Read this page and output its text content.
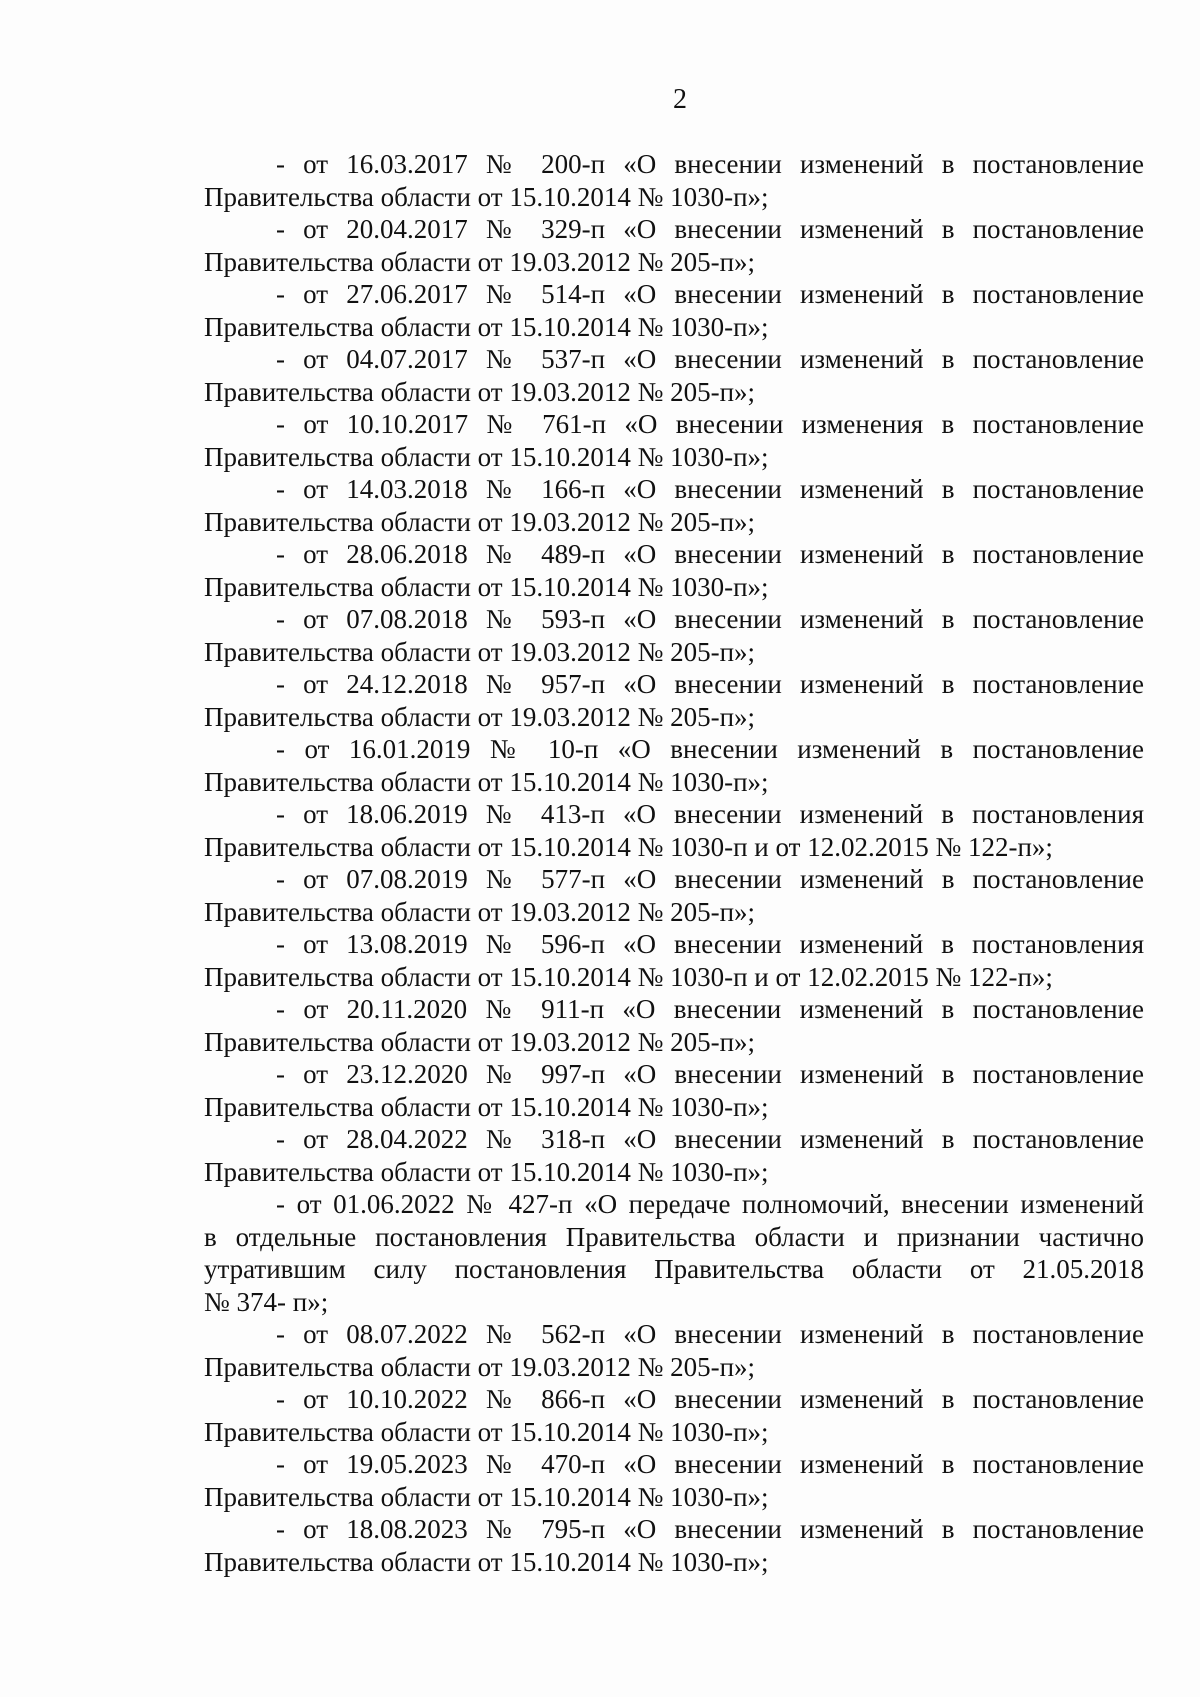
2
- от 16.03.2017 № 200-п «О внесении изменений в постановление
Правительства области от 15.10.2014 № 1030-п»;
- от 20.04.2017 № 329-п «О внесении изменений в постановление
Правительства области от 19.03.2012 № 205-п»;
- от 27.06.2017 № 514-п «О внесении изменений в постановление
Правительства области от 15.10.2014 № 1030-п»;
- от 04.07.2017 № 537-п «О внесении изменений в постановление
Правительства области от 19.03.2012 № 205-п»;
- от 10.10.2017 № 761-п «О внесении изменения в постановление
Правительства области от 15.10.2014 № 1030-п»;
- от 14.03.2018 № 166-п «О внесении изменений в постановление
Правительства области от 19.03.2012 № 205-п»;
- от 28.06.2018 № 489-п «О внесении изменений в постановление
Правительства области от 15.10.2014 № 1030-п»;
- от 07.08.2018 № 593-п «О внесении изменений в постановление
Правительства области от 19.03.2012 № 205-п»;
- от 24.12.2018 № 957-п «О внесении изменений в постановление
Правительства области от 19.03.2012 № 205-п»;
- от 16.01.2019 № 10-п «О внесении изменений в постановление
Правительства области от 15.10.2014 № 1030-п»;
- от 18.06.2019 № 413-п «О внесении изменений в постановления
Правительства области от 15.10.2014 № 1030-п и от 12.02.2015 № 122-п»;
- от 07.08.2019 № 577-п «О внесении изменений в постановление
Правительства области от 19.03.2012 № 205-п»;
- от 13.08.2019 № 596-п «О внесении изменений в постановления
Правительства области от 15.10.2014 № 1030-п и от 12.02.2015 № 122-п»;
- от 20.11.2020 № 911-п «О внесении изменений в постановление
Правительства области от 19.03.2012 № 205-п»;
- от 23.12.2020 № 997-п «О внесении изменений в постановление
Правительства области от 15.10.2014 № 1030-п»;
- от 28.04.2022 № 318-п «О внесении изменений в постановление
Правительства области от 15.10.2014 № 1030-п»;
- от 01.06.2022 № 427-п «О передаче полномочий, внесении изменений
в отдельные постановления Правительства области и признании частично
утратившим силу постановления Правительства области от 21.05.2018
№ 374- п»;
- от 08.07.2022 № 562-п «О внесении изменений в постановление
Правительства области от 19.03.2012 № 205-п»;
- от 10.10.2022 № 866-п «О внесении изменений в постановление
Правительства области от 15.10.2014 № 1030-п»;
- от 19.05.2023 № 470-п «О внесении изменений в постановление
Правительства области от 15.10.2014 № 1030-п»;
- от 18.08.2023 № 795-п «О внесении изменений в постановление
Правительства области от 15.10.2014 № 1030-п»;
